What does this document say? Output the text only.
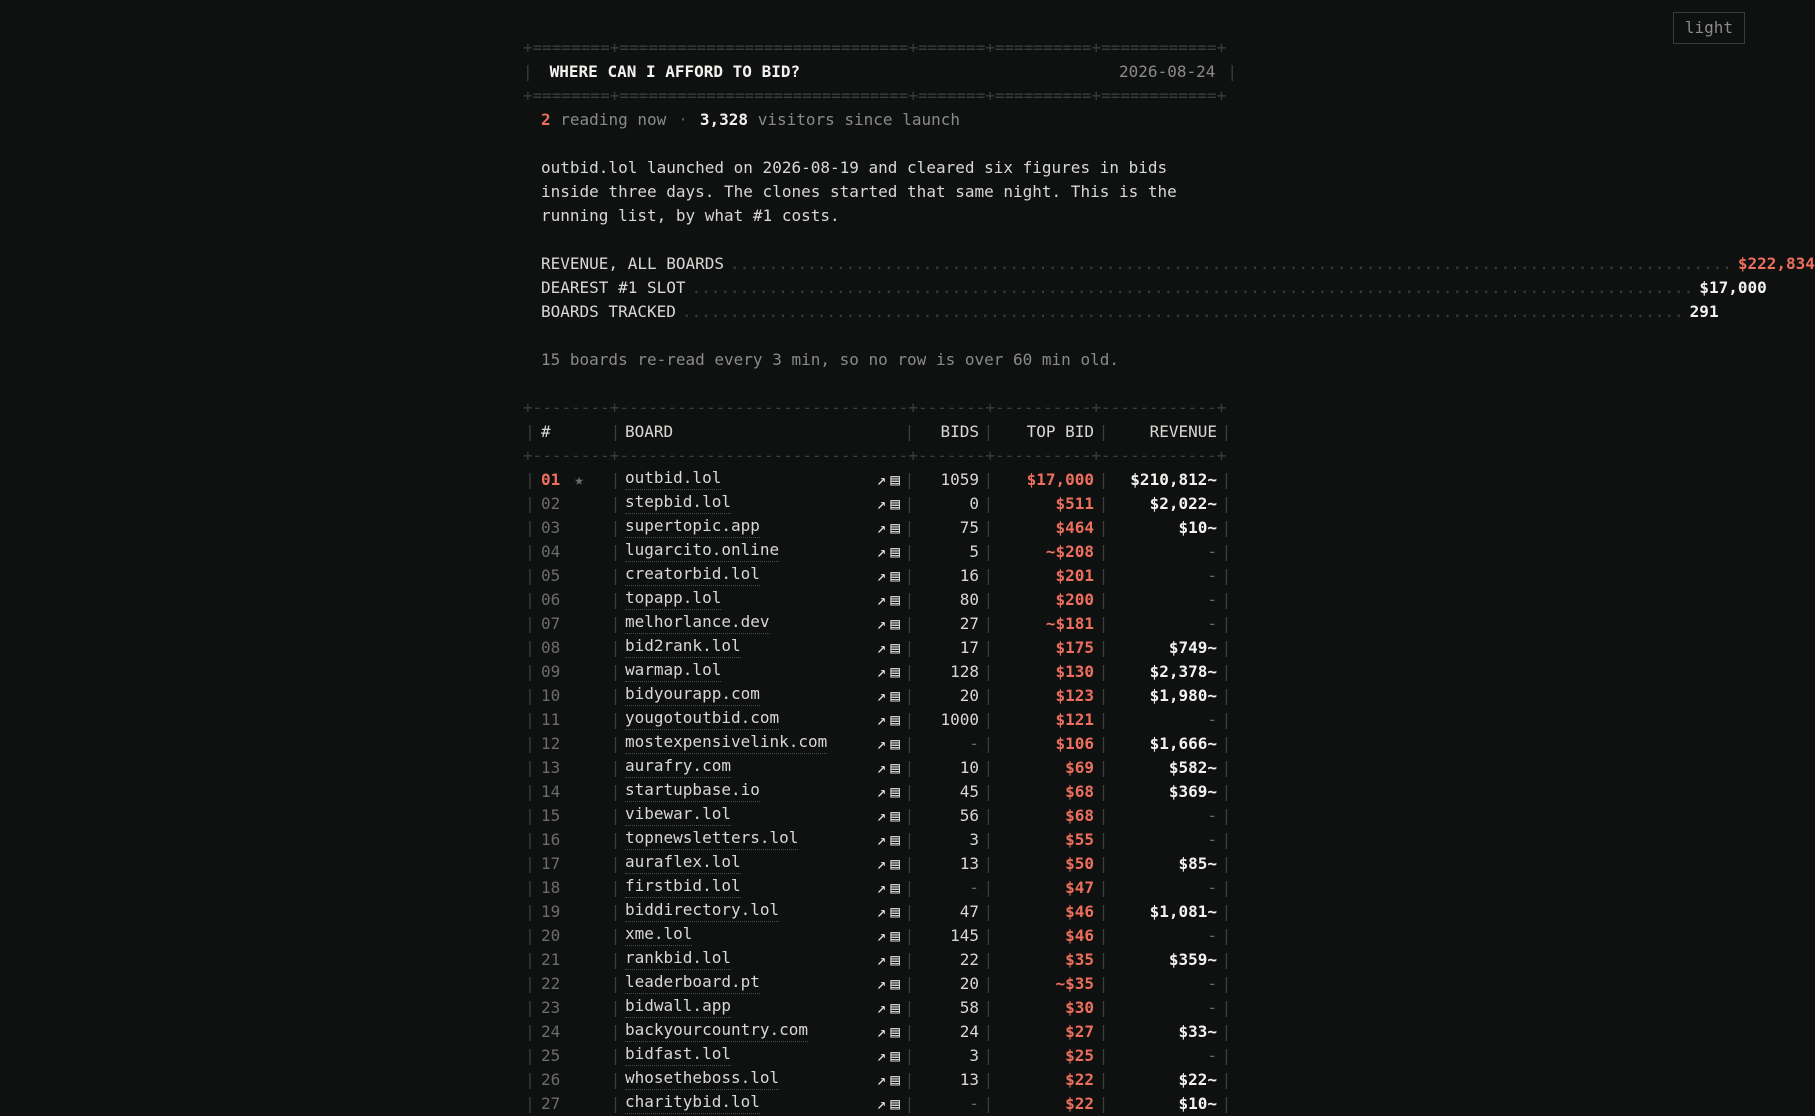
light
+========+==============================+=======+==========+============+
|	WHERE CAN I AFFORD TO BID?	2026-08-24 |
+========+==============================+=======+==========+============+
2 reading now · 3,328 visitors since launch
outbid.lol launched on 2026-08-19 and cleared six figures in bids inside three days. The clones started that same night. This is the running list, by what #1 costs.
REVENUE, ALL BOARDS ........................................................................................................ $222,834
DEAREST #1 SLOT ........................................................................................................ $17,000
BOARDS TRACKED ........................................................................................................ 291
15 boards re-read every 3 min, so no row is over 60 min old.
+--------+------------------------------+-------+----------+------------+
| #	| BOARD	|	BIDS |	TOP BID |	REVENUE |
+--------+------------------------------+-------+----------+------------+
| 01 ★	| outbid.lol	↗ ▤ |	1059 |	$17,000 |	$210,812~ |
| 02	| stepbid.lol	↗ ▤ |	0 |	$511 |	$2,022~ |
| 03	| supertopic.app	↗ ▤ |	75 |	$464 |	$10~ |
| 04	| lugarcito.online	↗ ▤ |	5 |	~$208 |	- |
| 05	| creatorbid.lol	↗ ▤ |	16 |	$201 |	- |
| 06	| topapp.lol	↗ ▤ |	80 |	$200 |	- |
| 07	| melhorlance.dev	↗ ▤ |	27 |	~$181 |	- |
| 08	| bid2rank.lol	↗ ▤ |	17 |	$175 |	$749~ |
| 09	| warmap.lol	↗ ▤ |	128 |	$130 |	$2,378~ |
| 10	| bidyourapp.com	↗ ▤ |	20 |	$123 |	$1,980~ |
| 11	| yougotoutbid.com	↗ ▤ |	1000 |	$121 |	- |
| 12	| mostexpensivelink.com	↗ ▤ |	- |	$106 |	$1,666~ |
| 13	| aurafry.com	↗ ▤ |	10 |	$69 |	$582~ |
| 14	| startupbase.io	↗ ▤ |	45 |	$68 |	$369~ |
| 15	| vibewar.lol	↗ ▤ |	56 |	$68 |	- |
| 16	| topnewsletters.lol	↗ ▤ |	3 |	$55 |	- |
| 17	| auraflex.lol	↗ ▤ |	13 |	$50 |	$85~ |
| 18	| firstbid.lol	↗ ▤ |	- |	$47 |	- |
| 19	| biddirectory.lol	↗ ▤ |	47 |	$46 |	$1,081~ |
| 20	| xme.lol	↗ ▤ |	145 |	$46 |	- |
| 21	| rankbid.lol	↗ ▤ |	22 |	$35 |	$359~ |
| 22	| leaderboard.pt	↗ ▤ |	20 |	~$35 |	- |
| 23	| bidwall.app	↗ ▤ |	58 |	$30 |	- |
| 24	| backyourcountry.com	↗ ▤ |	24 |	$27 |	$33~ |
| 25	| bidfast.lol	↗ ▤ |	3 |	$25 |	- |
| 26	| whosetheboss.lol	↗ ▤ |	13 |	$22 |	$22~ |
| 27	| charitybid.lol	↗ ▤ |	- |	$22 |	$10~ |
